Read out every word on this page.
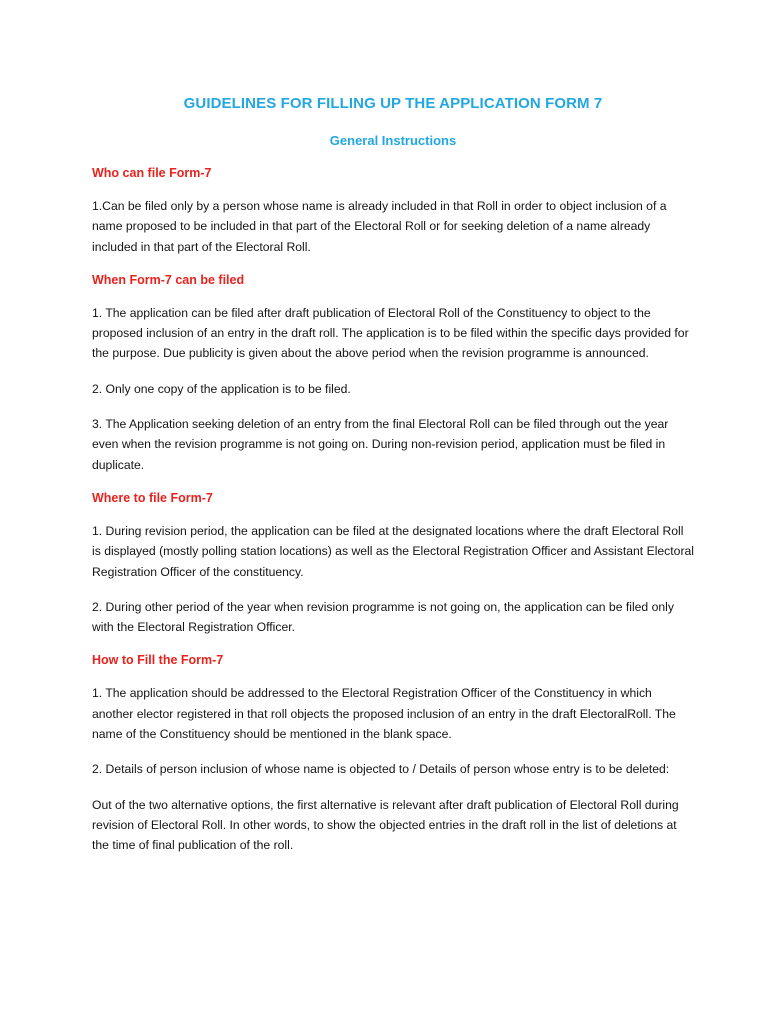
GUIDELINES FOR FILLING UP THE APPLICATION FORM 7
General Instructions

Who can file Form-7

1.Can be filed only by a person whose name is already included in that Roll in order to object inclusion of a name proposed to be included in that part of the Electoral Roll or for seeking deletion of a name already included in that part of the Electoral Roll.

When Form-7 can be filed

1. The application can be filed after draft publication of Electoral Roll of the Constituency to object to the proposed inclusion of an entry in the draft roll. The application is to be filed within the specific days provided for the purpose. Due publicity is given about the above period when the revision programme is announced.

2. Only one copy of the application is to be filed.

3. The Application seeking deletion of an entry from the final Electoral Roll can be filed through out the year even when the revision programme is not going on. During non-revision period, application must be filed in duplicate.

Where to file Form-7

1. During revision period, the application can be filed at the designated locations where the draft Electoral Roll is displayed (mostly polling station locations) as well as the Electoral Registration Officer and Assistant Electoral Registration Officer of the constituency.

2. During other period of the year when revision programme is not going on, the application can be filed only with the Electoral Registration Officer.

How to Fill the Form-7

1. The application should be addressed to the Electoral Registration Officer of the Constituency in which another elector registered in that roll objects the proposed inclusion of an entry in the draft ElectoralRoll. The name of the Constituency should be mentioned in the blank space.

2. Details of person inclusion of whose name is objected to / Details of person whose entry is to be deleted:

Out of the two alternative options, the first alternative is relevant after draft publication of Electoral Roll during revision of Electoral Roll. In other words, to show the objected entries in the draft roll in the list of deletions at the time of final publication of the roll.
